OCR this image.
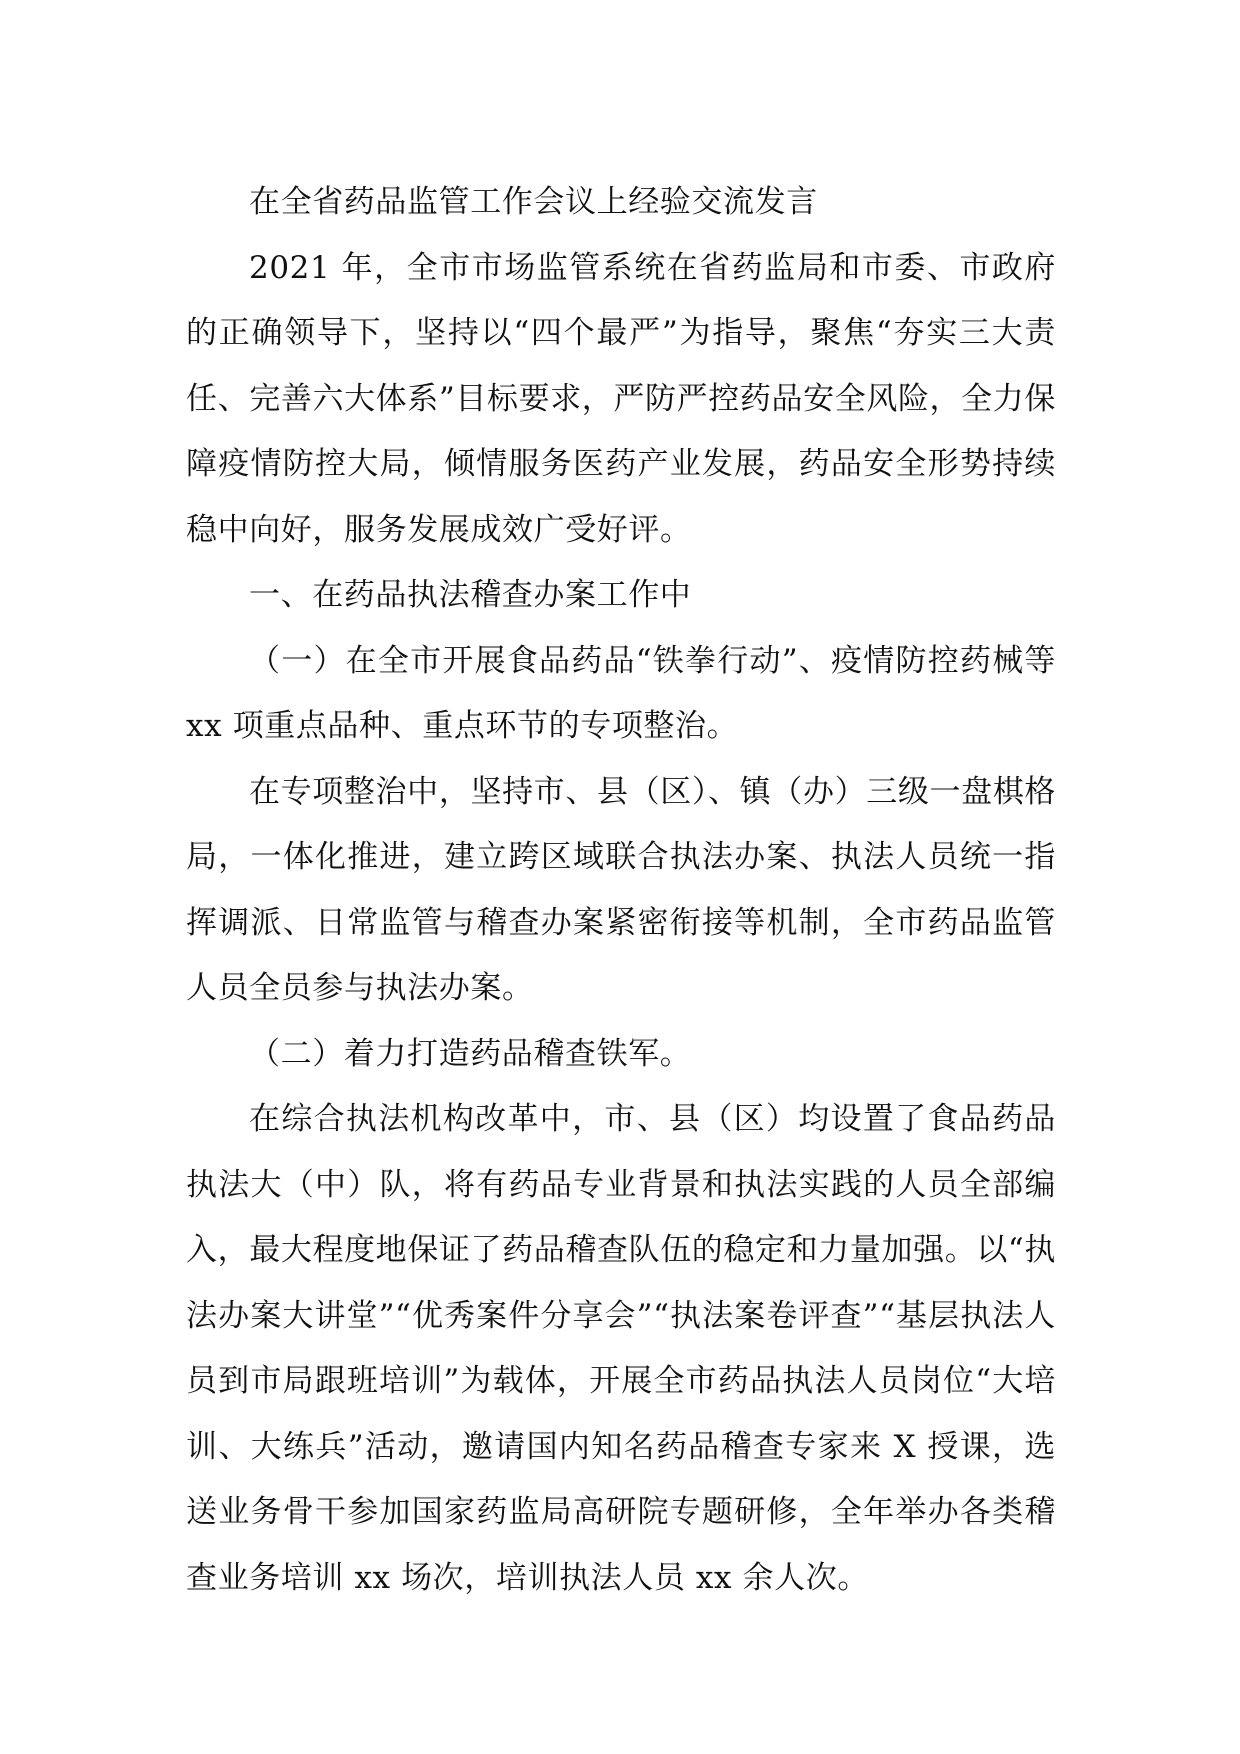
在全省药品监管工作会议上经验交流发言

2021 年，全市市场监管系统在省药监局和市委、市政府的正确领导下，坚持以“四个最严”为指导，聚焦“夯实三大责任、完善六大体系”目标要求，严防严控药品安全风险，全力保障疫情防控大局，倾情服务医药产业发展，药品安全形势持续稳中向好，服务发展成效广受好评。

一、在药品执法稽查办案工作中

（一）在全市开展食品药品“铁拳行动”、疫情防控药械等 xx 项重点品种、重点环节的专项整治。

在专项整治中，坚持市、县（区）、镇（办）三级一盘棋格局，一体化推进，建立跨区域联合执法办案、执法人员统一指挥调派、日常监管与稽查办案紧密衔接等机制，全市药品监管人员全员参与执法办案。

（二）着力打造药品稽查铁军。

在综合执法机构改革中，市、县（区）均设置了食品药品执法大（中）队，将有药品专业背景和执法实践的人员全部编入，最大程度地保证了药品稽查队伍的稳定和力量加强。以“执法办案大讲堂”“优秀案件分享会”“执法案卷评查”“基层执法人员到市局跟班培训”为载体，开展全市药品执法人员岗位“大培训、大练兵”活动，邀请国内知名药品稽查专家来 X 授课，选送业务骨干参加国家药监局高研院专题研修，全年举办各类稽查业务培训 xx 场次，培训执法人员 xx 余人次。
